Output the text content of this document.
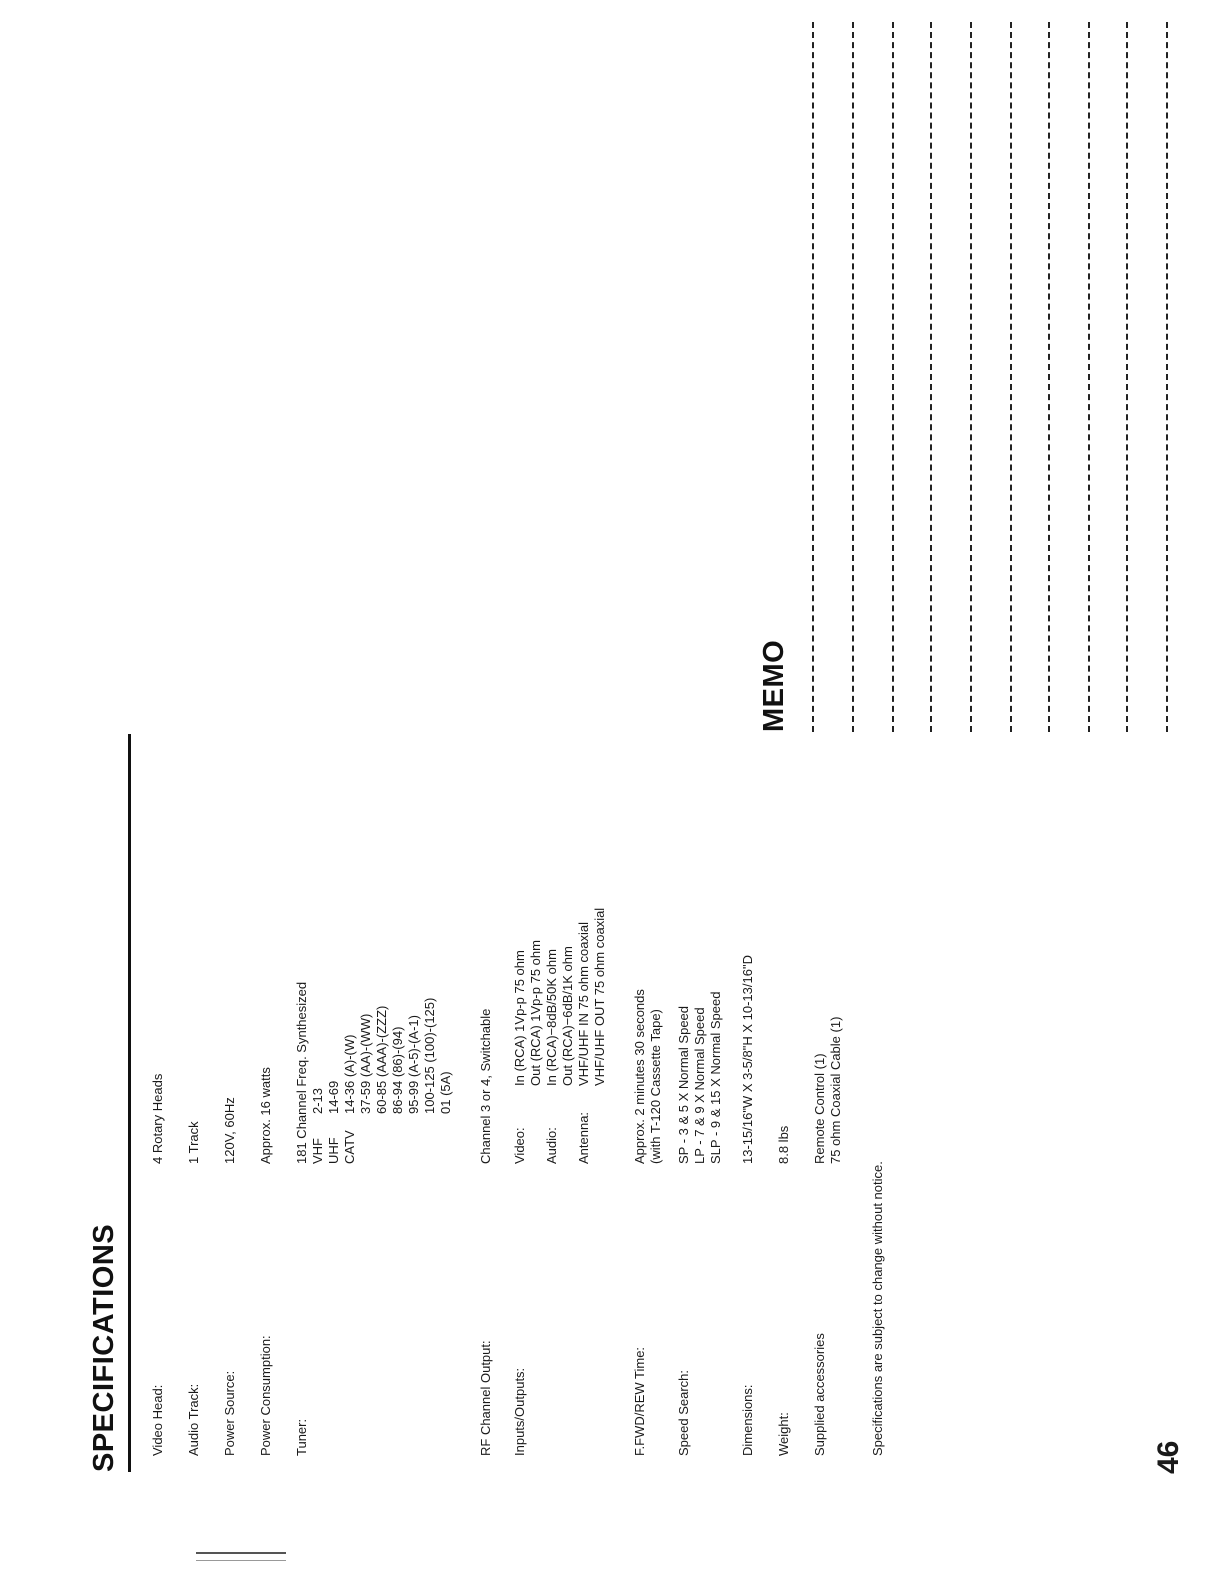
SPECIFICATIONS Video Head:
4 Rotary Heads
Audio Track:
1 Track
Power Source:
120V, 60Hz
Power Consumption:
Approx. 16 watts
Tuner:
181 Channel Freq. Synthesized VHF
2-13
UHF
14-69
CATV
14-36 (A)-(W) 37-59 (AA)-(WW) 60-85 (AAA)-(ZZZ) 86-94 (86)-(94) 95-99 (A-5)-(A-1) 100-125 (100)-(125) 01 (5A)
RF Channel Output:
Channel 3 or 4, Switchable
Inputs/Outputs:
Video:
In (RCA) 1Vp-p 75 ohm Out (RCA) 1Vp-p 75 ohm
Audio:
In (RCA)−8dB/50K ohm Out (RCA)−6dB/1K ohm
Antenna:
VHF/UHF IN 75 ohm coaxial VHF/UHF OUT 75 ohm coaxial
F.FWD/REW Time:
Approx. 2 minutes 30 seconds (with T-120 Cassette Tape)
46
MEMO
Speed Search:
SP - 3 & 5 X Normal Speed LP - 7 & 9 X Normal Speed SLP - 9 & 15 X Normal Speed
Dimensions:
13-15/16"W X 3-5/8"H X 10-13/16"D
Weight:
8.8 lbs
Supplied accessories
Remote Control (1) 75 ohm Coaxial Cable (1)
Specifications are subject to change without notice.
